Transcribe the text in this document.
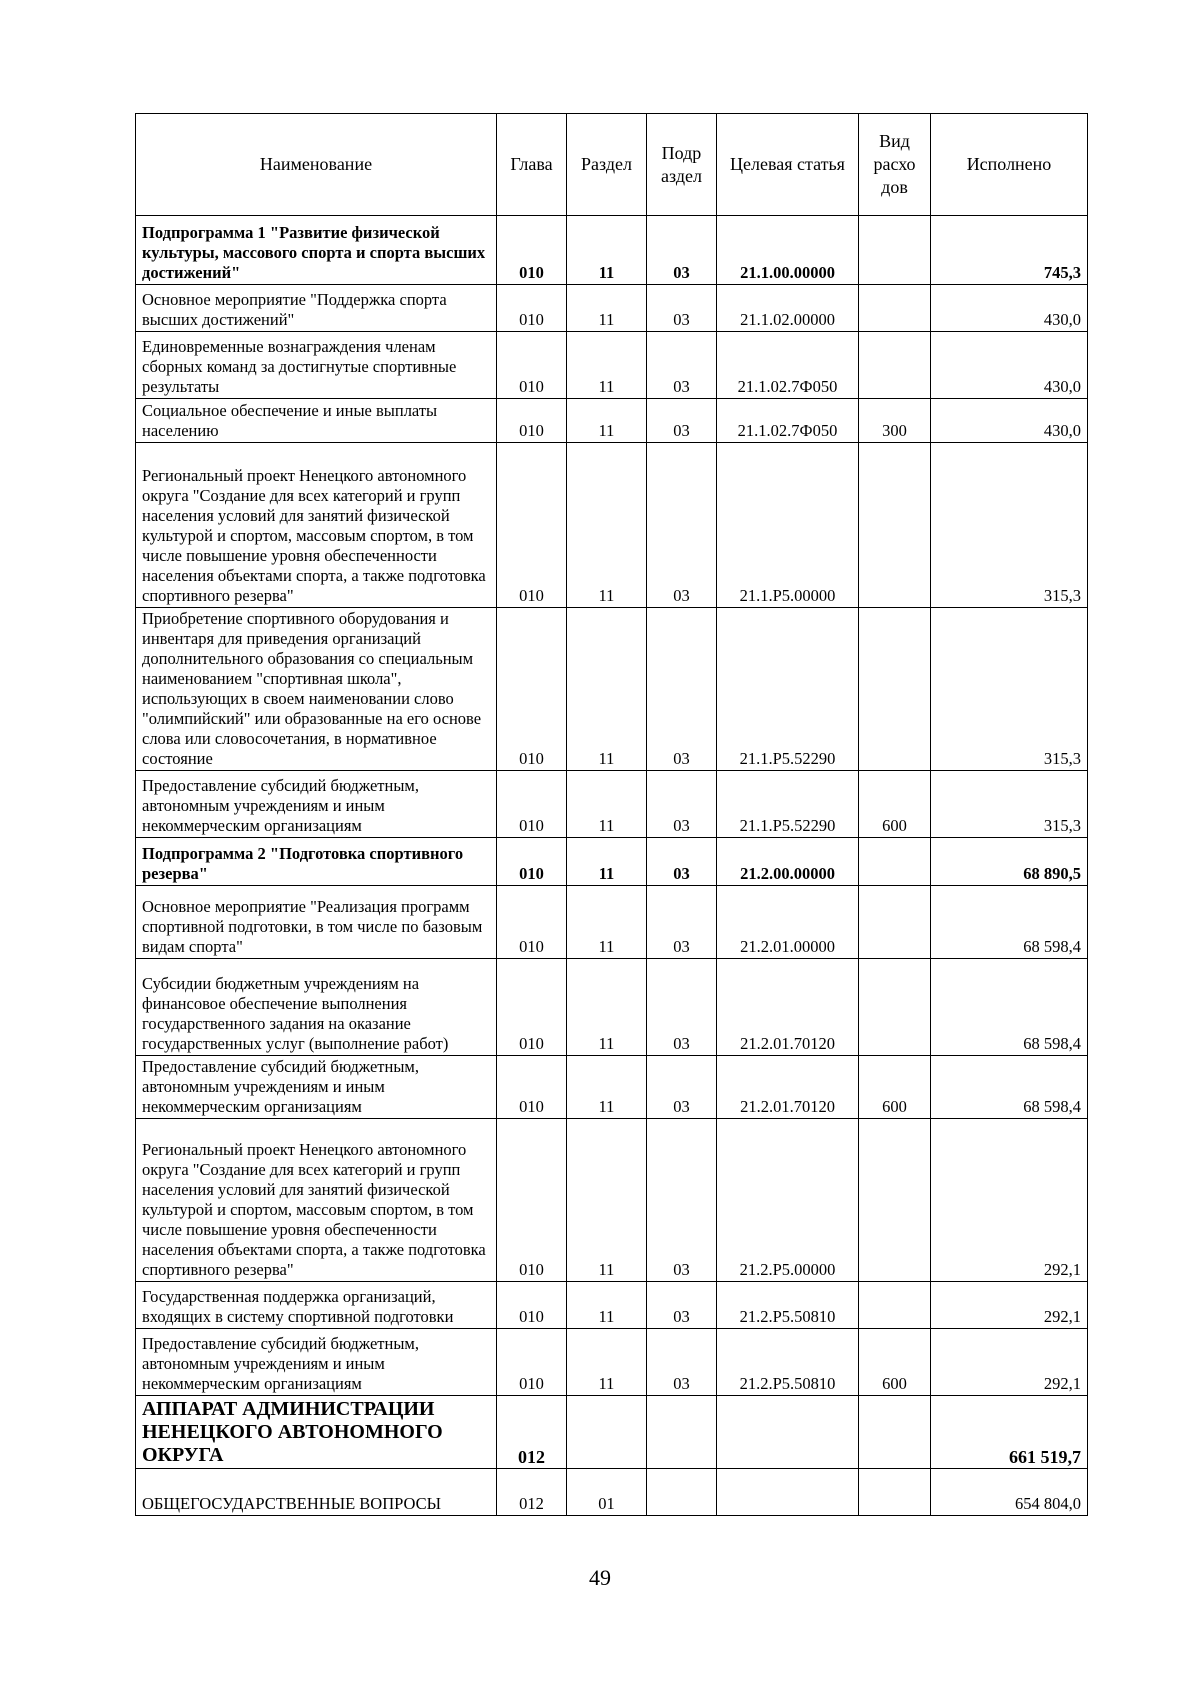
Наименование	Глава	Раздел	Подр аздел	Целевая статья	Вид расхо дов	Исполнено
Подпрограмма 1 "Развитие физической культуры, массового спорта и спорта высших достижений"	010	11	03	21.1.00.00000		745,3
Основное мероприятие "Поддержка спорта высших достижений"	010	11	03	21.1.02.00000		430,0
Единовременные вознаграждения членам сборных команд за достигнутые спортивные результаты	010	11	03	21.1.02.7Ф050		430,0
Социальное обеспечение и иные выплаты населению	010	11	03	21.1.02.7Ф050	300	430,0
Региональный проект Ненецкого автономного округа "Создание для всех категорий и групп населения условий для занятий физической культурой и спортом, массовым спортом, в том числе повышение уровня обеспеченности населения объектами спорта, а также подготовка спортивного резерва"	010	11	03	21.1.P5.00000		315,3
Приобретение спортивного оборудования и инвентаря для приведения организаций дополнительного образования со специальным наименованием "спортивная школа", использующих в своем наименовании слово "олимпийский" или образованные на его основе слова или словосочетания, в нормативное состояние	010	11	03	21.1.P5.52290		315,3
Предоставление субсидий бюджетным, автономным учреждениям и иным некоммерческим организациям	010	11	03	21.1.P5.52290	600	315,3
Подпрограмма 2 "Подготовка спортивного резерва"	010	11	03	21.2.00.00000		68 890,5
Основное мероприятие "Реализация программ спортивной подготовки, в том числе по базовым видам спорта"	010	11	03	21.2.01.00000		68 598,4
Субсидии бюджетным учреждениям на финансовое обеспечение выполнения государственного задания на оказание государственных услуг (выполнение работ)	010	11	03	21.2.01.70120		68 598,4
Предоставление субсидий бюджетным, автономным учреждениям и иным некоммерческим организациям	010	11	03	21.2.01.70120	600	68 598,4
Региональный проект Ненецкого автономного округа "Создание для всех категорий и групп населения условий для занятий физической культурой и спортом, массовым спортом, в том числе повышение уровня обеспеченности населения объектами спорта, а также подготовка спортивного резерва"	010	11	03	21.2.P5.00000		292,1
Государственная поддержка организаций, входящих в систему спортивной подготовки	010	11	03	21.2.P5.50810		292,1
Предоставление субсидий бюджетным, автономным учреждениям и иным некоммерческим организациям	010	11	03	21.2.P5.50810	600	292,1
АППАРАТ АДМИНИСТРАЦИИ НЕНЕЦКОГО АВТОНОМНОГО ОКРУГА	012					661 519,7
ОБЩЕГОСУДАРСТВЕННЫЕ ВОПРОСЫ	012	01				654 804,0
49
